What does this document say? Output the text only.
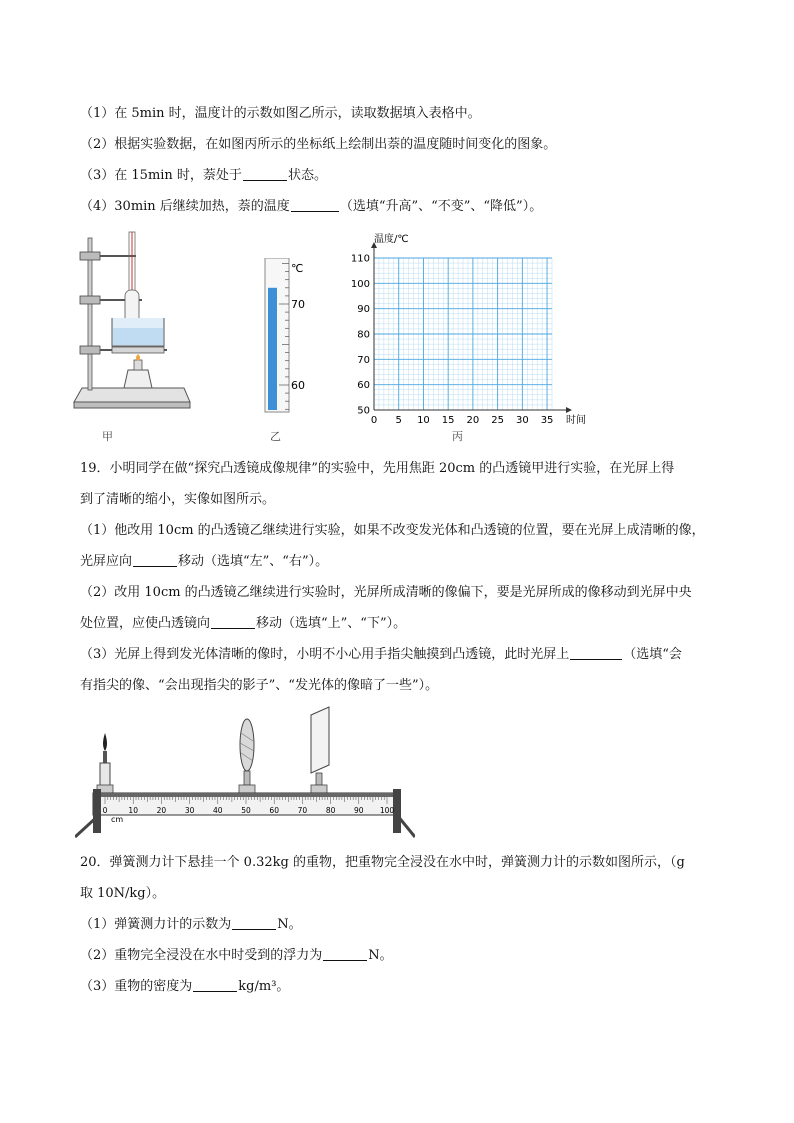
（1）在 5min 时，温度计的示数如图乙所示，读取数据填入表格中。
（2）根据实验数据，在如图丙所示的坐标纸上绘制出萘的温度随时间变化的图象。
（3）在 15min 时，萘处于	状态。
（4）30min 后继续加热，萘的温度	（选填“升高”、“不变”、“降低”）。
甲
℃
70
60
乙
0 5 10 15 20 25 30 35
50
60
70
80
90
100
110
温度/℃
时间
丙
19．小明同学在做“探究凸透镜成像规律”的实验中，先用焦距 20cm 的凸透镜甲进行实验，在光屏上得
到了清晰的缩小，实像如图所示。
（1）他改用 10cm 的凸透镜乙继续进行实验，如果不改变发光体和凸透镜的位置，要在光屏上成清晰的像，
光屏应向	移动（选填“左”、“右”）。
（2）改用 10cm 的凸透镜乙继续进行实验时，光屏所成清晰的像偏下，要是光屏所成的像移动到光屏中央
处位置，应使凸透镜向	移动（选填“上”、“下”）。
（3）光屏上得到发光体清晰的像时，小明不小心用手指尖触摸到凸透镜，此时光屏上	（选填“会
有指尖的像、“会出现指尖的影子”、“发光体的像暗了一些”）。
0	10 20 30 40 50 60 70 80 90 100
cm
20．弹簧测力计下悬挂一个 0.32kg 的重物，把重物完全浸没在水中时，弹簧测力计的示数如图所示，（g
取 10N/kg）。
（1）弹簧测力计的示数为	N。
（2）重物完全浸没在水中时受到的浮力为	N。
（3）重物的密度为	kg/m³。
